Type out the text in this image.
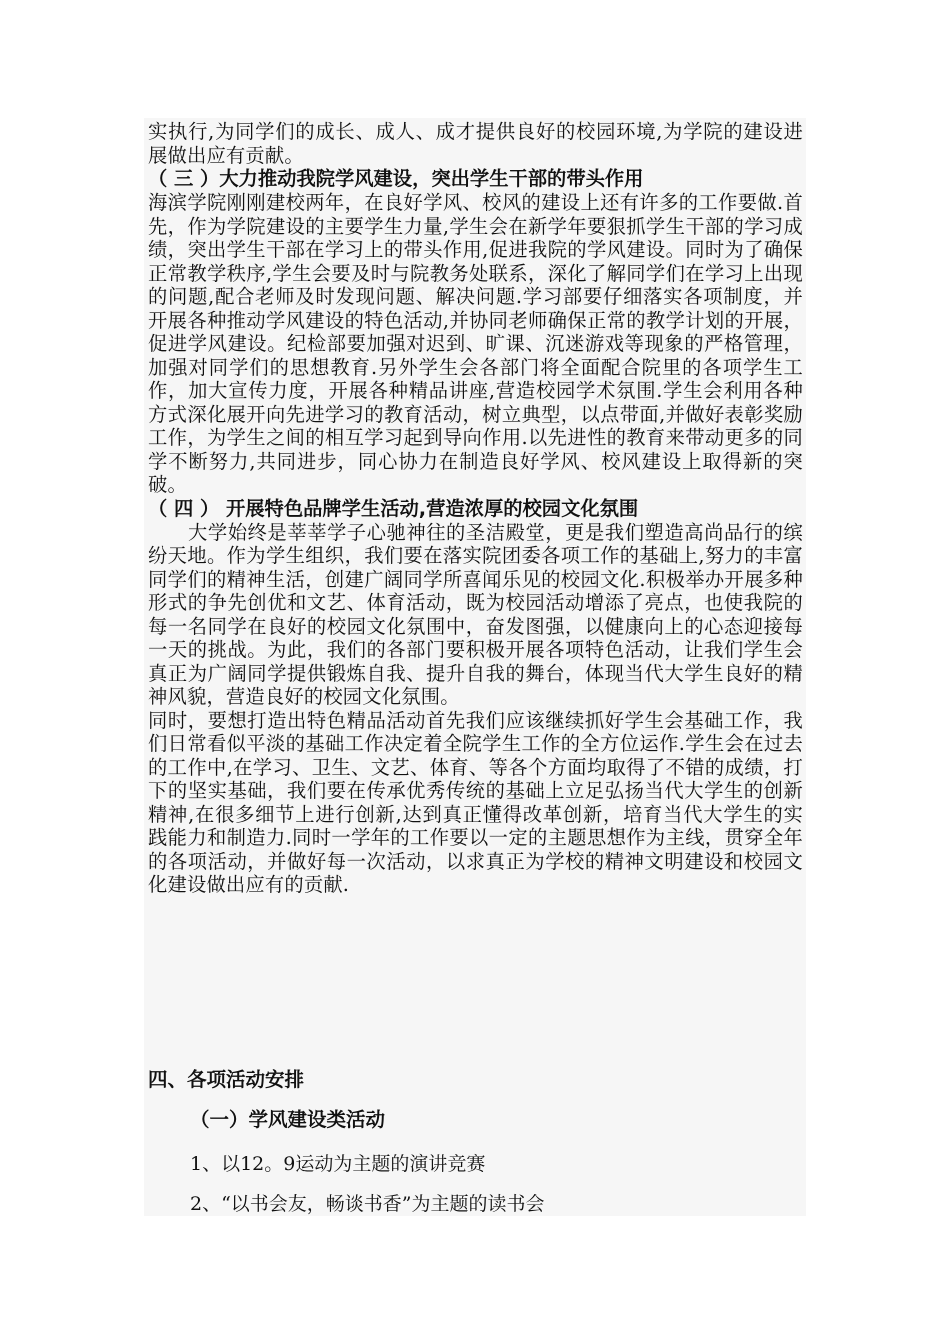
实执行,为同学们的成长、成人、成才提供良好的校园环境,为学院的建设进展做出应有贡献。

（ 三 ）大力推动我院学风建设，突出学生干部的带头作用

海滨学院刚刚建校两年，在良好学风、校风的建设上还有许多的工作要做.首先，作为学院建设的主要学生力量,学生会在新学年要狠抓学生干部的学习成绩，突出学生干部在学习上的带头作用,促进我院的学风建设。同时为了确保正常教学秩序,学生会要及时与院教务处联系，深化了解同学们在学习上出现的问题,配合老师及时发现问题、解决问题.学习部要仔细落实各项制度，并开展各种推动学风建设的特色活动,并协同老师确保正常的教学计划的开展，促进学风建设。纪检部要加强对迟到、旷课、沉迷游戏等现象的严格管理，加强对同学们的思想教育.另外学生会各部门将全面配合院里的各项学生工作，加大宣传力度，开展各种精品讲座,营造校园学术氛围.学生会利用各种方式深化展开向先进学习的教育活动，树立典型，以点带面,并做好表彰奖励工作，为学生之间的相互学习起到导向作用.以先进性的教育来带动更多的同学不断努力,共同进步，同心协力在制造良好学风、校风建设上取得新的突破。

（ 四 ） 开展特色品牌学生活动,营造浓厚的校园文化氛围

大学始终是莘莘学子心驰神往的圣洁殿堂，更是我们塑造高尚品行的缤纷天地。作为学生组织，我们要在落实院团委各项工作的基础上,努力的丰富同学们的精神生活，创建广阔同学所喜闻乐见的校园文化.积极举办开展多种形式的争先创优和文艺、体育活动，既为校园活动增添了亮点，也使我院的每一名同学在良好的校园文化氛围中，奋发图强，以健康向上的心态迎接每一天的挑战。为此，我们的各部门要积极开展各项特色活动，让我们学生会真正为广阔同学提供锻炼自我、提升自我的舞台，体现当代大学生良好的精神风貌，营造良好的校园文化氛围。

同时，要想打造出特色精品活动首先我们应该继续抓好学生会基础工作，我们日常看似平淡的基础工作决定着全院学生工作的全方位运作.学生会在过去的工作中,在学习、卫生、文艺、体育、等各个方面均取得了不错的成绩，打下的坚实基础，我们要在传承优秀传统的基础上立足弘扬当代大学生的创新精神,在很多细节上进行创新,达到真正懂得改革创新，培育当代大学生的实践能力和制造力.同时一学年的工作要以一定的主题思想作为主线，贯穿全年的各项活动，并做好每一次活动，以求真正为学校的精神文明建设和校园文化建设做出应有的贡献.

四、各项活动安排

（一）学风建设类活动

1、以12。9运动为主题的演讲竞赛

2、“以书会友，畅谈书香”为主题的读书会
